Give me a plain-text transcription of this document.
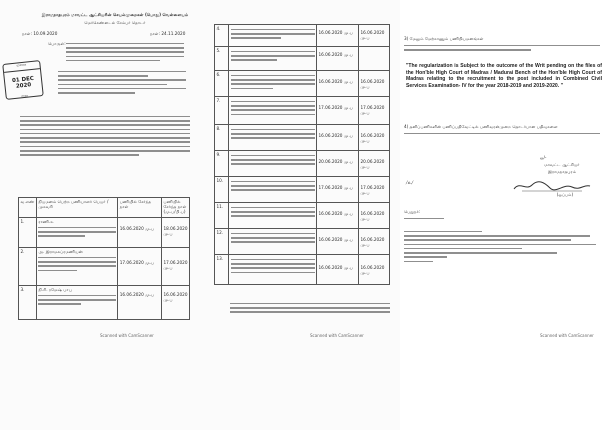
இராமநாதபுரம் மாவட்ட ஆட்சியரின் செயல்முறைகள் (பொது) வெள்ளையம்
மெர்கெண்டைல் சேம்பர் தொடர்
நாள்: 10.09.2020	நாள்: 24.11.2020
பொருள்:
▭▭▭
01 DEC 2020
▭▭
வ.எண்	நியமனம் பெற்ற பணியாளர் பெயர் / முகவரி	பணியில் சேர்ந்த நாள்	பணியில் சேர்ந்த நாள் (மு.ப/பி.ப)
1.	ராணி.உ	16.06.2020 மு.ப	18.06.2020 மு.ப
2.	அ. இராமசுப்ரமணியன்	17.06.2020 மு.ப	17.06.2020 மு.ப
3.	நி.ரி. ரமேஷ் பாபு	16.06.2020 மு.ப	16.06.2020 மு.ப
Scanned with CamScanner
4.		16.06.2020 மு.ப	16.06.2020 மு.ப
5.		16.06.2020 மு.ப	
6.		16.06.2020 மு.ப	16.06.2020 மு.ப
7.		17.06.2020 மு.ப	17.06.2020 மு.ப
8.		16.06.2020 மு.ப	16.06.2020 மு.ப
9.		20.06.2020 மு.ப	20.06.2020 மு.ப
10.		17.06.2020 மு.ப	17.06.2020 மு.ப
11.		16.06.2020 மு.ப	16.06.2020 மு.ப
12.		16.06.2020 மு.ப	16.06.2020 மு.ப
13.		16.06.2020 மு.ப	16.06.2020 மு.ப
Scanned with CamScanner
3) மேலும் மேற்காணும் பணிநியமனங்கள்
"The regularization is Subject to the outcome of the Writ pending on the files of the Hon'ble High Court of Madras / Madurai Bench of the Hon'ble High Court of Madras relating to the recruitment to the post included in Combined Civil Services Examination- IV for the year 2018-2019 and 2019-2020. "
4) தனிப்பணிகளின் பணிப்பதிவேட்டில் பணிவரன்முறை தொடர்பான பதிவுகளை
ஒ/-
மாவட்ட ஆட்சியர்
இராமநாதபுரம்
/உ/
(ஒப்பம்)
பெறுநர்:
Scanned with CamScanner
